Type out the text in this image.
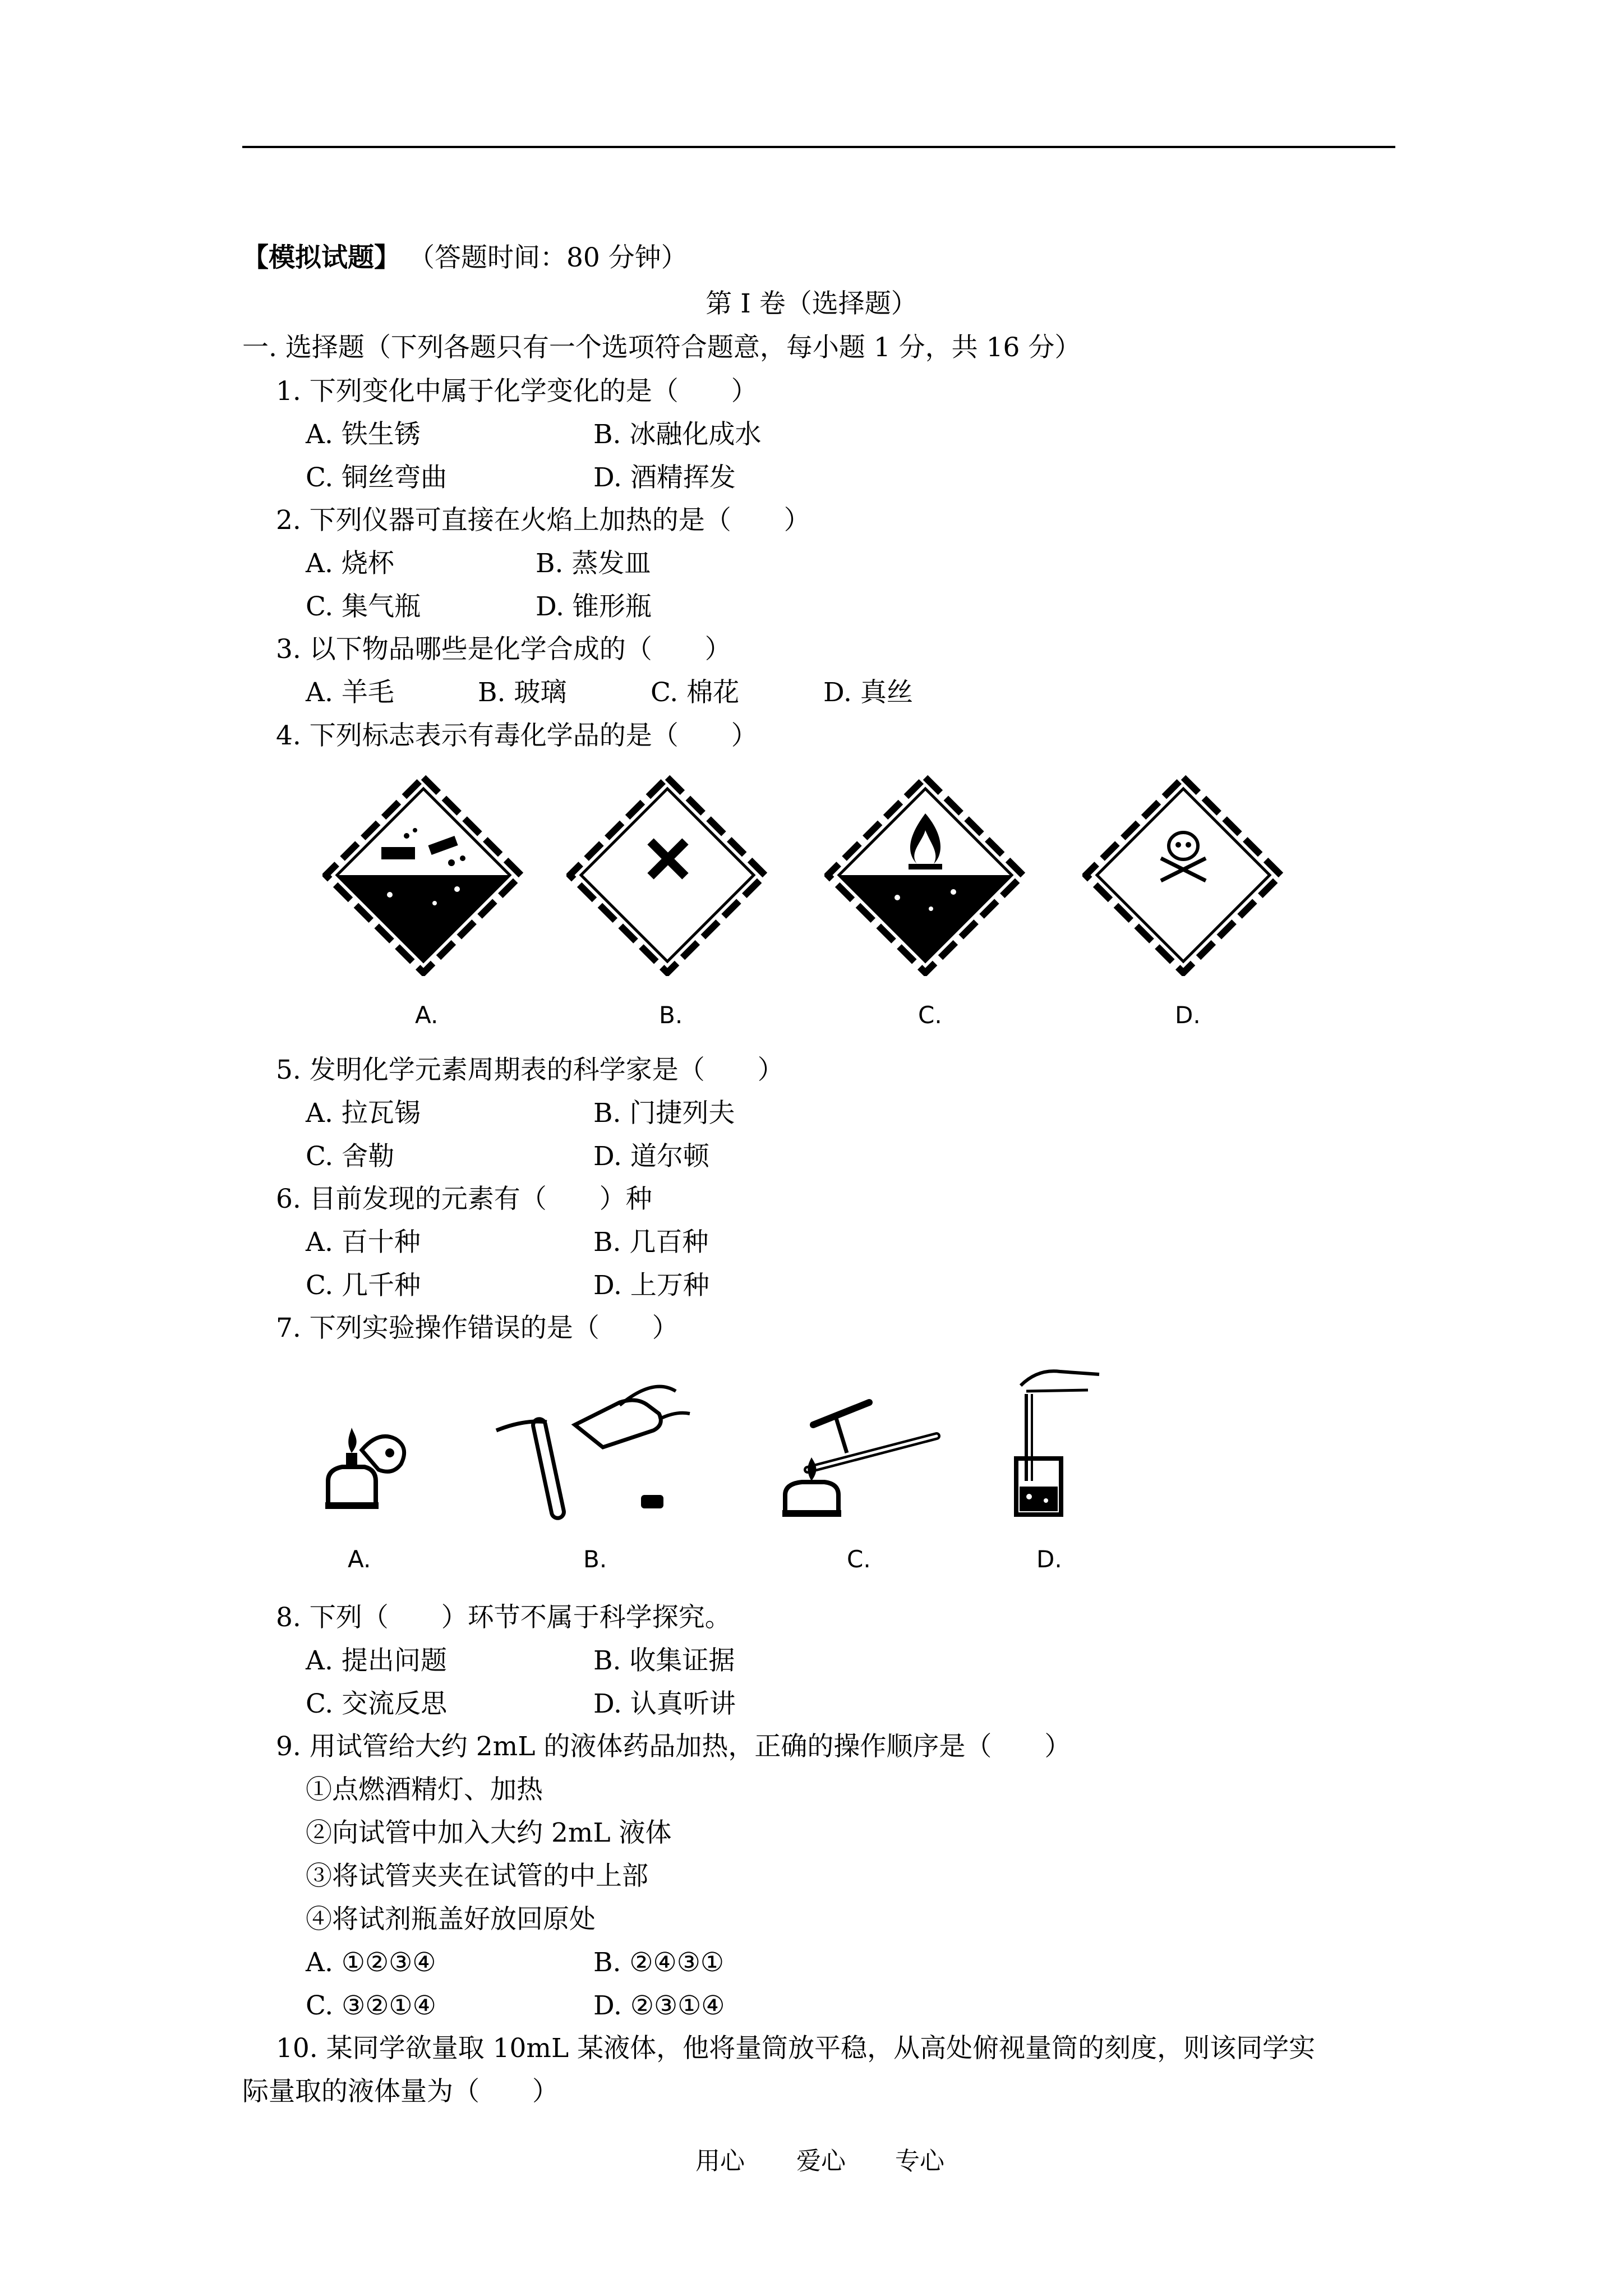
【模拟试题】 （答题时间：80 分钟）
第 I 卷（选择题）
一. 选择题（下列各题只有一个选项符合题意，每小题 1 分，共 16 分）
1. 下列变化中属于化学变化的是（　　）
A. 铁生锈	B. 冰融化成水
C. 铜丝弯曲	D. 酒精挥发
2. 下列仪器可直接在火焰上加热的是（　　）
A. 烧杯	B. 蒸发皿
C. 集气瓶	D. 锥形瓶
3. 以下物品哪些是化学合成的（　　）
A. 羊毛	B. 玻璃	C. 棉花	D. 真丝
4. 下列标志表示有毒化学品的是（　　）
A.	B.	C.	D.
5. 发明化学元素周期表的科学家是（　　）
A. 拉瓦锡	B. 门捷列夫
C. 舍勒	D. 道尔顿
6. 目前发现的元素有（　　）种
A. 百十种	B. 几百种
C. 几千种	D. 上万种
7. 下列实验操作错误的是（　　）
A.	B.	C.	D.
8. 下列（　　）环节不属于科学探究。
A. 提出问题	B. 收集证据
C. 交流反思	D. 认真听讲
9. 用试管给大约 2mL 的液体药品加热，正确的操作顺序是（　　）
①点燃酒精灯、加热
②向试管中加入大约 2mL 液体
③将试管夹夹在试管的中上部
④将试剂瓶盖好放回原处
A. ①②③④	B. ②④③①
C. ③②①④	D. ②③①④
10. 某同学欲量取 10mL 某液体，他将量筒放平稳，从高处俯视量筒的刻度，则该同学实
际量取的液体量为（　　）
用心 爱心 专心
